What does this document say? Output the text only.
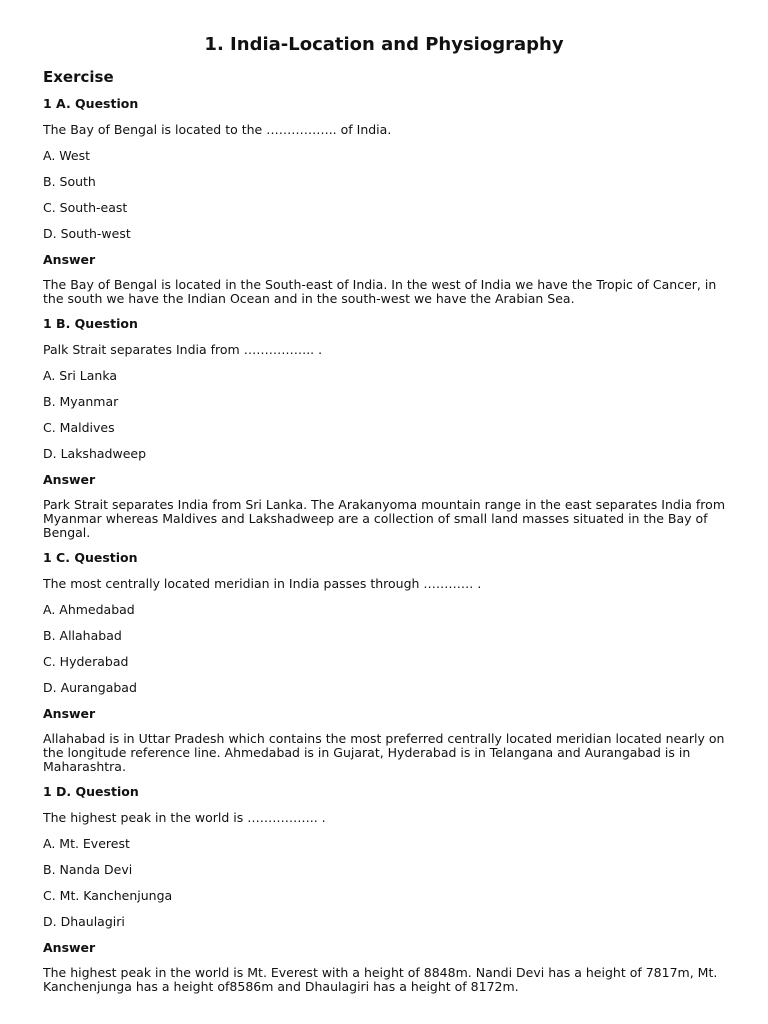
1. India-Location and Physiography
Exercise

1 A. Question

The Bay of Bengal is located to the …………….. of India.

A. West

B. South

C. South-east

D. South-west

Answer

The Bay of Bengal is located in the South-east of India. In the west of India we have the Tropic of Cancer, in the south we have the Indian Ocean and in the south-west we have the Arabian Sea.

1 B. Question

Palk Strait separates India from …………….. .

A. Sri Lanka

B. Myanmar

C. Maldives

D. Lakshadweep

Answer

Park Strait separates India from Sri Lanka. The Arakanyoma mountain range in the east separates India from Myanmar whereas Maldives and Lakshadweep are a collection of small land masses situated in the Bay of Bengal.

1 C. Question

The most centrally located meridian in India passes through ………… .

A. Ahmedabad

B. Allahabad

C. Hyderabad

D. Aurangabad

Answer

Allahabad is in Uttar Pradesh which contains the most preferred centrally located meridian located nearly on the longitude reference line. Ahmedabad is in Gujarat, Hyderabad is in Telangana and Aurangabad is in Maharashtra.

1 D. Question

The highest peak in the world is …………….. .

A. Mt. Everest

B. Nanda Devi

C. Mt. Kanchenjunga

D. Dhaulagiri

Answer

The highest peak in the world is Mt. Everest with a height of 8848m. Nandi Devi has a height of 7817m, Mt. Kanchenjunga has a height of8586m and Dhaulagiri has a height of 8172m.
